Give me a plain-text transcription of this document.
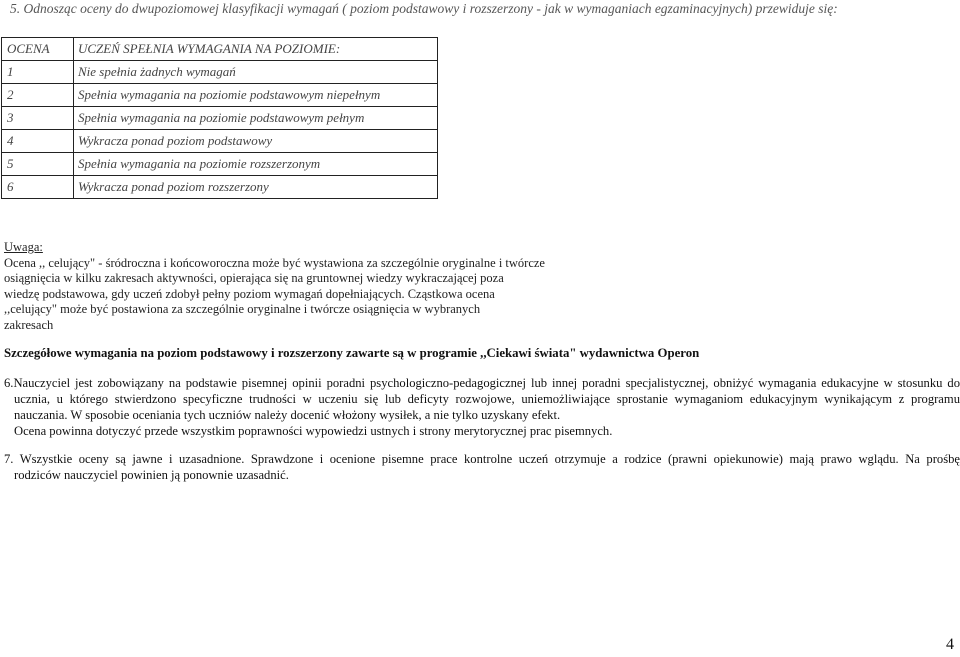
5. Odnosząc oceny do dwupoziomowej klasyfikacji wymagań ( poziom podstawowy i rozszerzony - jak w wymaganiach egzaminacyjnych) przewiduje się:
OCENA	UCZEŃ SPEŁNIA WYMAGANIA NA POZIOMIE:
1	Nie spełnia żadnych wymagań
2	Spełnia wymagania na poziomie podstawowym niepełnym
3	Spełnia wymagania na poziomie podstawowym pełnym
4	Wykracza ponad poziom podstawowy
5	Spełnia wymagania na poziomie rozszerzonym
6	Wykracza ponad poziom rozszerzony
Uwaga:
Ocena ,, celujący" - śródroczna i końcoworoczna może być wystawiona za szczególnie oryginalne i twórcze
osiągnięcia w kilku zakresach aktywności, opierająca się na gruntownej wiedzy wykraczającej poza
wiedzę podstawowa, gdy uczeń zdobył pełny poziom wymagań dopełniających. Cząstkowa ocena
,,celujący" może być postawiona za szczególnie oryginalne i twórcze osiągnięcia w wybranych
zakresach
Szczegółowe wymagania na poziom podstawowy i rozszerzony zawarte są w programie ,,Ciekawi świata" wydawnictwa Operon
6.Nauczyciel jest zobowiązany na podstawie pisemnej opinii poradni psychologiczno-pedagogicznej lub innej poradni specjalistycznej, obniżyć wymagania edukacyjne w stosunku do
ucznia, u którego stwierdzono specyficzne trudności w uczeniu się lub deficyty rozwojowe, uniemożliwiające sprostanie wymaganiom edukacyjnym wynikającym z programu
nauczania. W sposobie oceniania tych uczniów należy docenić włożony wysiłek, a nie tylko uzyskany efekt.
Ocena powinna dotyczyć przede wszystkim poprawności wypowiedzi ustnych i strony merytorycznej prac pisemnych.
7. Wszystkie oceny są jawne i uzasadnione. Sprawdzone i ocenione pisemne prace kontrolne uczeń otrzymuje a rodzice (prawni opiekunowie) mają prawo wglądu. Na prośbę
rodziców nauczyciel powinien ją ponownie uzasadnić.
4
